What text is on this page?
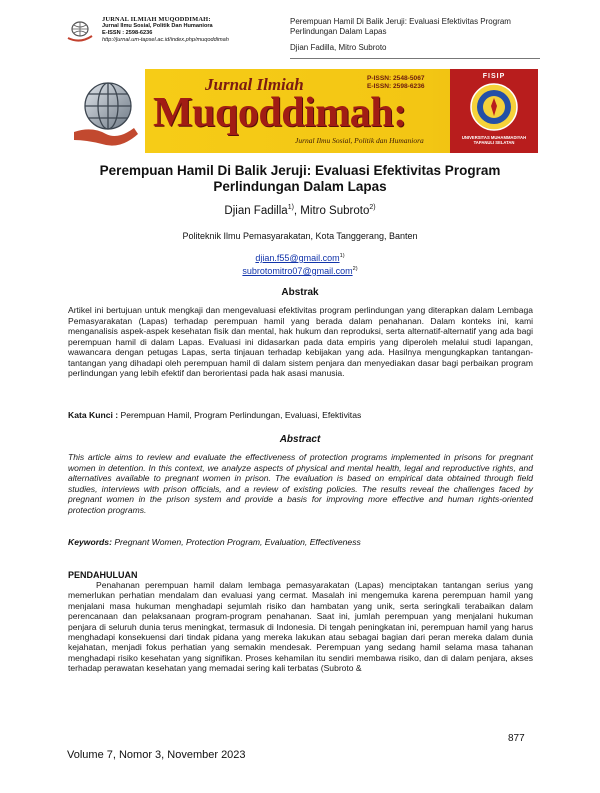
JURNAL ILMIAH MUQODDIMAH:
Jurnal Ilmu Sosial, Politik Dan Humaniora
E-ISSN : 2598-6236
http://jurnal.um-tapsel.ac.id/index.php/muqoddimah
Perempuan Hamil Di Balik Jeruji: Evaluasi Efektivitas Program Perlindungan Dalam Lapas
Djian Fadilla, Mitro Subroto
Jurnal Ilmiah
Muqoddimah:
Jurnal Ilmu Sosial, Politik dan Humaniora
P-ISSN: 2548-5067
E-ISSN: 2598-6236
FISIP
UNIVERSITAS MUHAMMADIYAH TAPANULI SELATAN
Perempuan Hamil Di Balik Jeruji: Evaluasi Efektivitas Program Perlindungan Dalam Lapas
Djian Fadilla$^{1)}$, Mitro Subroto$^{2)}$
Politeknik Ilmu Pemasyarakatan, Kota Tanggerang, Banten
djian.f55@gmail.com$^{1)}$
subrotomitro07@gmail.com$^{2)}$
Abstrak
Artikel ini bertujuan untuk mengkaji dan mengevaluasi efektivitas program perlindungan yang diterapkan dalam Lembaga Pemasyarakatan (Lapas) terhadap perempuan hamil yang berada dalam penahanan. Dalam konteks ini, kami menganalisis aspek-aspek kesehatan fisik dan mental, hak hukum dan reproduksi, serta alternatif-alternatif yang ada bagi perempuan hamil di dalam Lapas. Evaluasi ini didasarkan pada data empiris yang diperoleh melalui studi lapangan, wawancara dengan petugas Lapas, serta tinjauan terhadap kebijakan yang ada. Hasilnya mengungkapkan tantangan-tantangan yang dihadapi oleh perempuan hamil di dalam sistem penjara dan menyediakan dasar bagi perbaikan program perlindungan yang lebih efektif dan berorientasi pada hak asasi manusia.
Kata Kunci : Perempuan Hamil, Program Perlindungan, Evaluasi, Efektivitas
Abstract
This article aims to review and evaluate the effectiveness of protection programs implemented in prisons for pregnant women in detention. In this context, we analyze aspects of physical and mental health, legal and reproductive rights, and alternatives available to pregnant women in prison. The evaluation is based on empirical data obtained through field studies, interviews with prison officials, and a review of existing policies. The results reveal the challenges faced by pregnant women in the prison system and provide a basis for improving more effective and human rights-oriented protection programs.
Keywords: Pregnant Women, Protection Program, Evaluation, Effectiveness
PENDAHULUAN
Penahanan perempuan hamil dalam lembaga pemasyarakatan (Lapas) menciptakan tantangan serius yang memerlukan perhatian mendalam dan evaluasi yang cermat. Masalah ini mengemuka karena perempuan hamil yang menjalani masa hukuman menghadapi sejumlah risiko dan hambatan yang unik, serta seringkali terabaikan dalam perencanaan dan pelaksanaan program-program penahanan. Saat ini, jumlah perempuan yang menjalani hukuman penjara di seluruh dunia terus meningkat, termasuk di Indonesia. Di tengah peningkatan ini, perempuan hamil yang harus menghadapi konsekuensi dari tindak pidana yang mereka lakukan atau sebagai bagian dari peran mereka dalam dunia kejahatan, menjadi fokus perhatian yang semakin mendesak. Perempuan yang sedang hamil selama masa tahanan menghadapi risiko kesehatan yang signifikan. Proses kehamilan itu sendiri membawa risiko, dan di dalam penjara, akses terhadap perawatan kesehatan yang memadai sering kali terbatas (Subroto &
877
Volume 7, Nomor 3, November 2023
